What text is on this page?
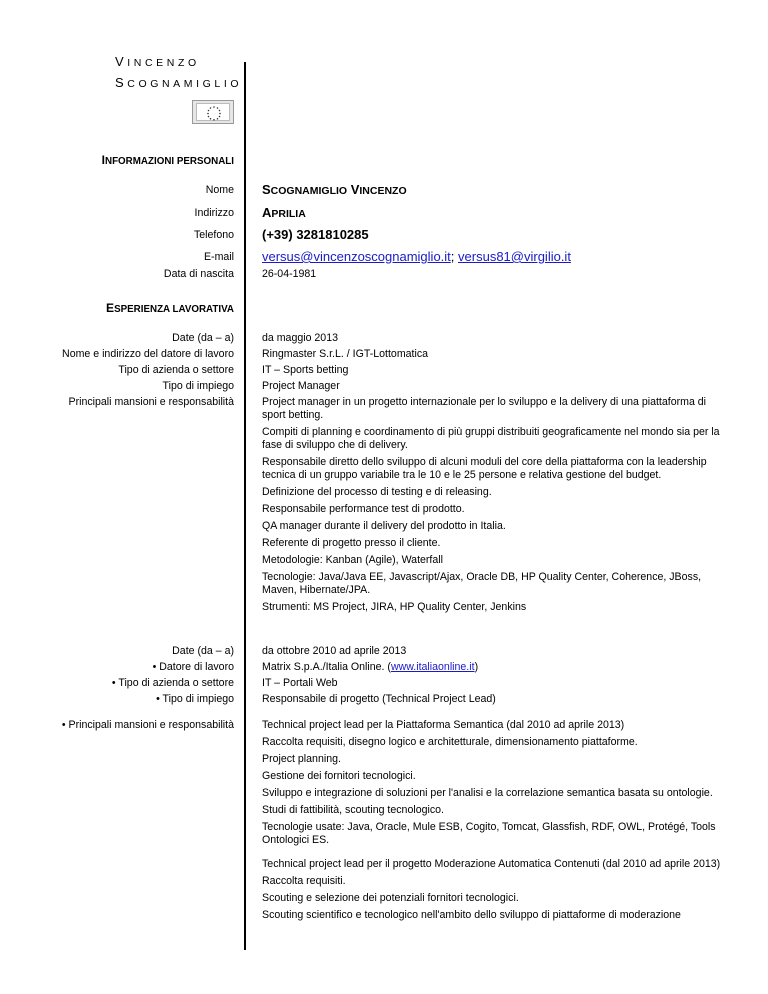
VINCENZO
SCOGNAMIGLIO
INFORMAZIONI PERSONALI
Nome SCOGNAMIGLIO VINCENZO
Indirizzo APRILIA
Telefono (+39) 3281810285
E-mail versus@vincenzoscognamiglio.it; versus81@virgilio.it
Data di nascita	26-04-1981
ESPERIENZA LAVORATIVA
Date (da – a)
Nome e indirizzo del datore di lavoro
Tipo di azienda o settore
Tipo di impiego
Principali mansioni e responsabilità
da maggio 2013
Ringmaster S.r.L. / IGT-Lottomatica
IT – Sports betting
Project Manager
Project manager in un progetto internazionale per lo sviluppo e la delivery di una piattaforma di sport betting.
Compiti di planning e coordinamento di più gruppi distribuiti geograficamente nel mondo sia per la fase di sviluppo che di delivery.
Responsabile diretto dello sviluppo di alcuni moduli del core della piattaforma con la leadership tecnica di un gruppo variabile tra le 10 e le 25 persone e relativa gestione del budget.
Definizione del processo di testing e di releasing.
Responsabile performance test di prodotto.
QA manager durante il delivery del prodotto in Italia.
Referente di progetto presso il cliente.
Metodologie: Kanban (Agile), Waterfall
Tecnologie: Java/Java EE, Javascript/Ajax, Oracle DB, HP Quality Center, Coherence, JBoss, Maven, Hibernate/JPA.
Strumenti: MS Project, JIRA, HP Quality Center, Jenkins
Date (da – a)
• Datore di lavoro
• Tipo di azienda o settore
• Tipo di impiego
• Principali mansioni e responsabilità
da ottobre 2010 ad aprile 2013
Matrix S.p.A./Italia Online. (www.italiaonline.it)
IT – Portali Web
Responsabile di progetto (Technical Project Lead)
Technical project lead per la Piattaforma Semantica (dal 2010 ad aprile 2013)
Raccolta requisiti, disegno logico e architetturale, dimensionamento piattaforme.
Project planning.
Gestione dei fornitori tecnologici.
Sviluppo e integrazione di soluzioni per l'analisi e la correlazione semantica basata su ontologie.
Studi di fattibilità, scouting tecnologico.
Tecnologie usate: Java, Oracle, Mule ESB, Cogito, Tomcat, Glassfish, RDF, OWL, Protégé, Tools Ontologici ES.
Technical project lead per il progetto Moderazione Automatica Contenuti (dal 2010 ad aprile 2013)
Raccolta requisiti.
Scouting e selezione dei potenziali fornitori tecnologici.
Scouting scientifico e tecnologico nell'ambito dello sviluppo di piattaforme di moderazione
